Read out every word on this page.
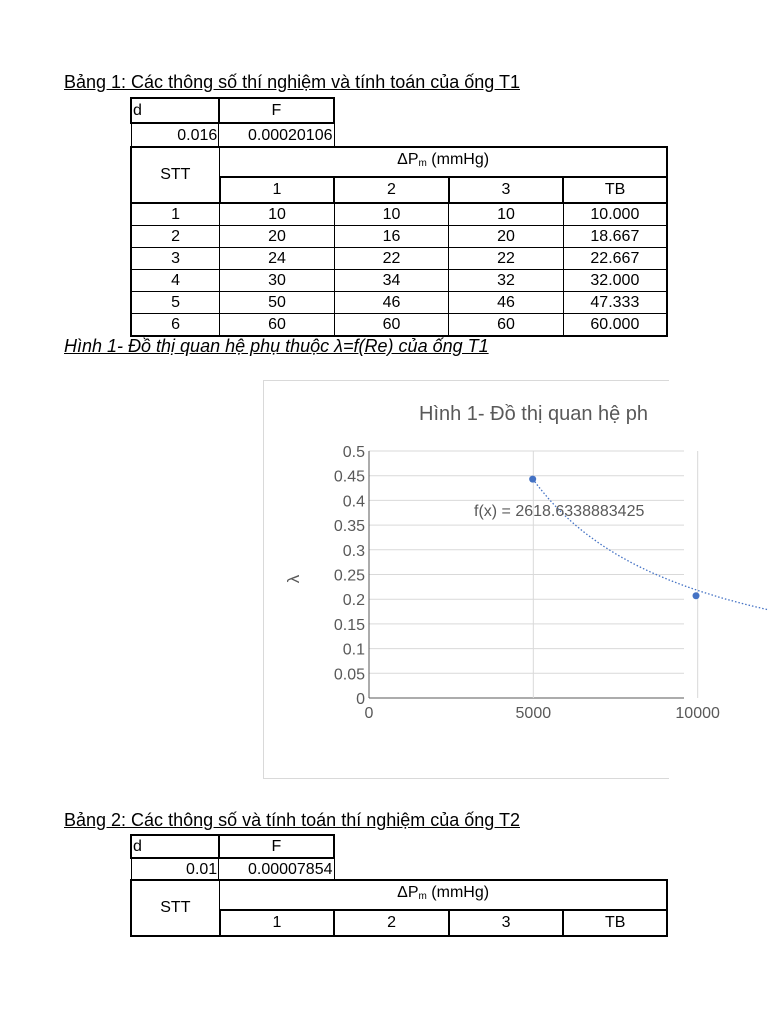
Bảng 1: Các thông số thí nghiệm và tính toán của ống T1
d	F
0.016	0.00020106
STT	$\Delta P_m$ (mmHg)			
	1	2	3	TB
1	10	10	10	10.000
2	20	16	20	18.667
3	24	22	22	22.667
4	30	34	32	32.000
5	50	46	46	47.333
6	60	60	60	60.000
Hình 1- Đồ thị quan hệ phụ thuộc λ=f(Re) của ống T1
Hình 1- Đồ thị quan hệ ph
λ
0
0.05
0.1
0.15
0.2
0.25
0.3
0.35
0.4
0.45
0.5
0	5000	10000
f(x) = 2618.6338883425
Bảng 2: Các thông số và tính toán thí nghiệm của ống T2
d	F
0.01	0.00007854
STT	$\Delta P_m$ (mmHg)			
	1	2	3	TB
